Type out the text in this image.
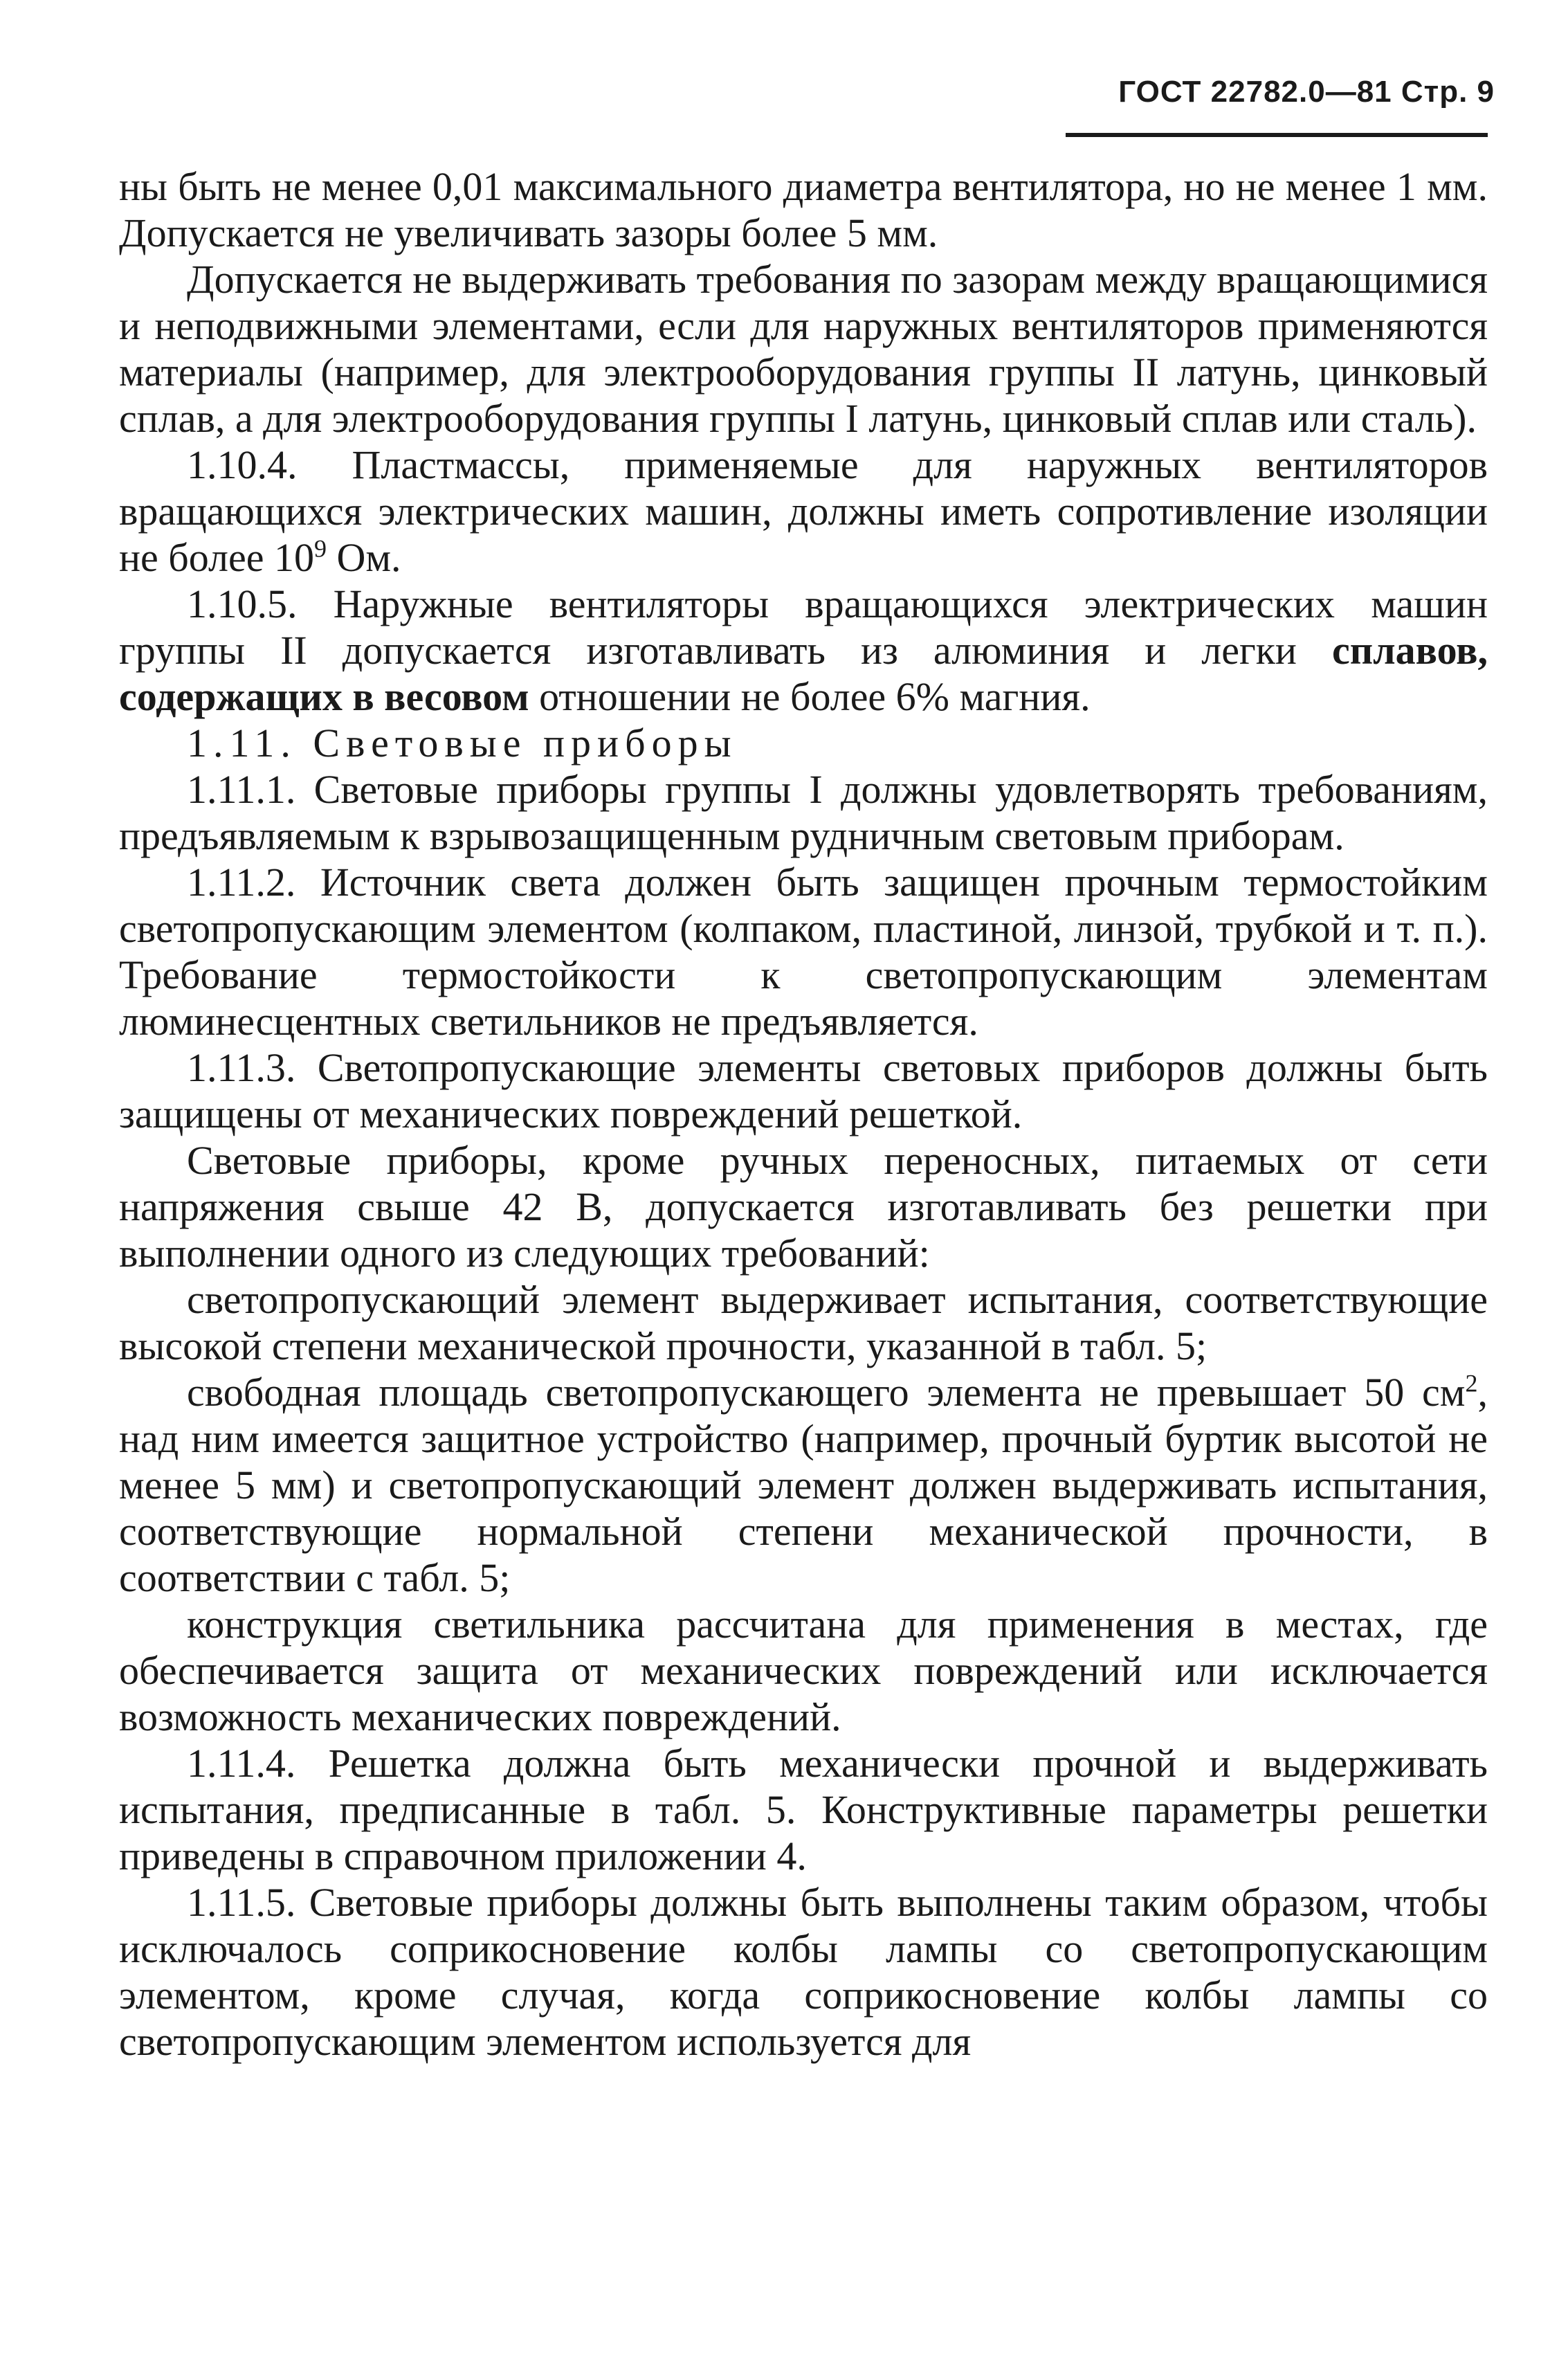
ГОСТ 22782.0—81 Стр. 9

ны быть не менее 0,01 максимального диаметра вентилятора, но не менее 1 мм. Допускается не увеличивать зазоры более 5 мм.

Допускается не выдерживать требования по зазорам между вращающимися и неподвижными элементами, если для наружных вентиляторов применяются материалы (например, для электрооборудования группы II латунь, цинковый сплав, а для электрооборудования группы I латунь, цинковый сплав или сталь).

1.10.4. Пластмассы, применяемые для наружных вентиляторов вращающихся электрических машин, должны иметь сопротивление изоляции не более $10^9$ Ом.

1.10.5. Наружные вентиляторы вращающихся электрических машин группы II допускается изготавливать из алюминия и легки сплавов, содержащих в весовом отношении не более 6% магния.

1.11. Световые приборы

1.11.1. Световые приборы группы I должны удовлетворять требованиям, предъявляемым к взрывозащищенным рудничным световым приборам.

1.11.2. Источник света должен быть защищен прочным термостойким светопропускающим элементом (колпаком, пластиной, линзой, трубкой и т. п.). Требование термостойкости к светопропускающим элементам люминесцентных светильников не предъявляется.

1.11.3. Светопропускающие элементы световых приборов должны быть защищены от механических повреждений решеткой.

Световые приборы, кроме ручных переносных, питаемых от сети напряжения свыше 42 В, допускается изготавливать без решетки при выполнении одного из следующих требований:

светопропускающий элемент выдерживает испытания, соответствующие высокой степени механической прочности, указанной в табл. 5;

свободная площадь светопропускающего элемента не превышает 50 $см^2$, над ним имеется защитное устройство (например, прочный буртик высотой не менее 5 мм) и светопропускающий элемент должен выдерживать испытания, соответствующие нормальной степени механической прочности, в соответствии с табл. 5;

конструкция светильника рассчитана для применения в местах, где обеспечивается защита от механических повреждений или исключается возможность механических повреждений.

1.11.4. Решетка должна быть механически прочной и выдерживать испытания, предписанные в табл. 5. Конструктивные параметры решетки приведены в справочном приложении 4.

1.11.5. Световые приборы должны быть выполнены таким образом, чтобы исключалось соприкосновение колбы лампы со светопропускающим элементом, кроме случая, когда соприкосновение колбы лампы со светопропускающим элементом используется для
